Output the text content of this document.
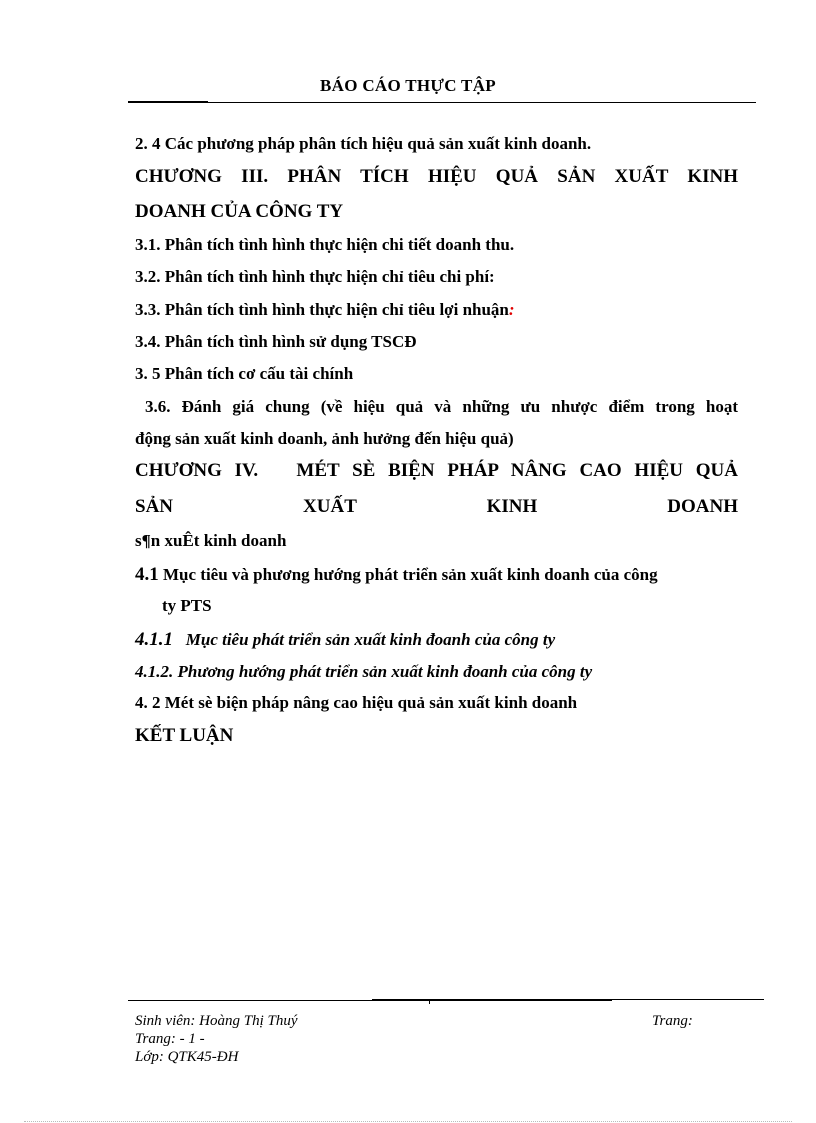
BÁO CÁO THỰC TẬP
2. 4 Các phương pháp phân tích hiệu quả sản xuất kinh doanh.
CHƯƠNG III. PHÂN TÍCH HIỆU QUẢ SẢN XUẤT KINH
DOANH CỦA CÔNG TY
3.1. Phân tích tình hình thực hiện chi tiết doanh thu.
3.2. Phân tích tình hình thực hiện chỉ tiêu chi phí:
3.3. Phân tích tình hình thực hiện chỉ tiêu lợi nhuận:
3.4. Phân tích tình hình sử dụng TSCĐ
3. 5 Phân tích cơ cấu tài chính
3.6. Đánh giá chung (về hiệu quả và những ưu nhược điểm trong hoạt
động sản xuất kinh doanh, ảnh hưởng đến hiệu quả)
CHƯƠNG IV.   MÉT SÈ BIỆN PHÁP NÂNG CAO HIỆU QUẢ
SẢN XUẤT KINH DOANH
s¶n xuÊt kinh doanh
4.1 Mục tiêu và phương hướng phát triển sản xuất kinh doanh của công
ty PTS
4.1.1 Mục tiêu phát triển sản xuất kinh đoanh của công ty
4.1.2. Phương hướng phát triển sản xuất kinh đoanh của công ty
4. 2 Mét sè biện pháp nâng cao hiệu quả sản xuất kinh doanh
KẾT LUẬN
Sinh viên: Hoàng Thị Thuý	Trang:
Trang: - 1 -
Lớp: QTK45-ĐH
